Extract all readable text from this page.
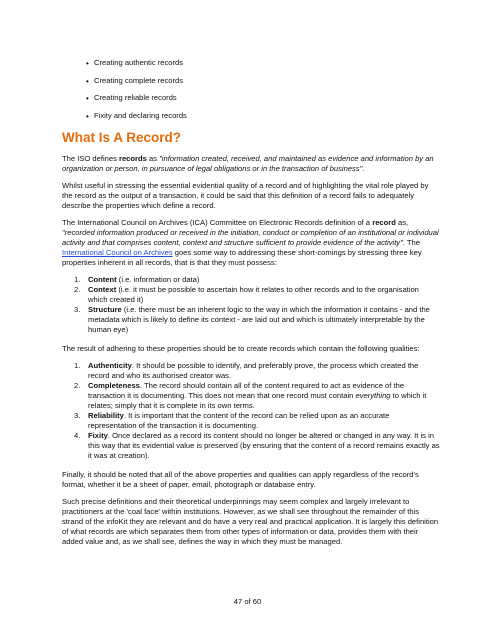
• Creating authentic records
• Creating complete records
• Creating reliable records
• Fixity and declaring records
What Is A Record?

The ISO defines records as "information created, received, and maintained as evidence and information by an organization or person, in pursuance of legal obligations or in the transaction of business".

Whilst useful in stressing the essential evidential quality of a record and of highlighting the vital role played by the record as the output of a transaction, it could be said that this definition of a record fails to adequately describe the properties which define a record.

The International Council on Archives (ICA) Committee on Electronic Records definition of a record as, "recorded information produced or received in the initiation, conduct or completion of an institutional or individual activity and that comprises content, context and structure sufficient to provide evidence of the activity". The International Council on Archives goes some way to addressing these short-comings by stressing three key properties inherent in all records, that is that they must possess:

1. Content (i.e. information or data)
2. Context (i.e. it must be possible to ascertain how it relates to other records and to the organisation which created it)
3. Structure (i.e. there must be an inherent logic to the way in which the information it contains - and the metadata which is likely to define its context - are laid out and which is ultimately interpretable by the human eye)

The result of adhering to these properties should be to create records which contain the following qualities:

1. Authenticity. It should be possible to identify, and preferably prove, the process which created the record and who its authorised creator was.
2. Completeness. The record should contain all of the content required to act as evidence of the transaction it is documenting. This does not mean that one record must contain everything to which it relates; simply that it is complete in its own terms.
3. Reliability. It is important that the content of the record can be relied upon as an accurate representation of the transaction it is documenting.
4. Fixity. Once declared as a record its content should no longer be altered or changed in any way. It is in this way that its evidential value is preserved (by ensuring that the content of a record remains exactly as it was at creation).

Finally, it should be noted that all of the above properties and qualities can apply regardless of the record's format, whether it be a sheet of paper, email, photograph or database entry.

Such precise definitions and their theoretical underpinnings may seem complex and largely irrelevant to practitioners at the 'coal face' within institutions. However, as we shall see throughout the remainder of this strand of the infoKit they are relevant and do have a very real and practical application. It is largely this definition of what records are which separates them from other types of information or data, provides them with their added value and, as we shall see, defines the way in which they must be managed.

47 of 60
